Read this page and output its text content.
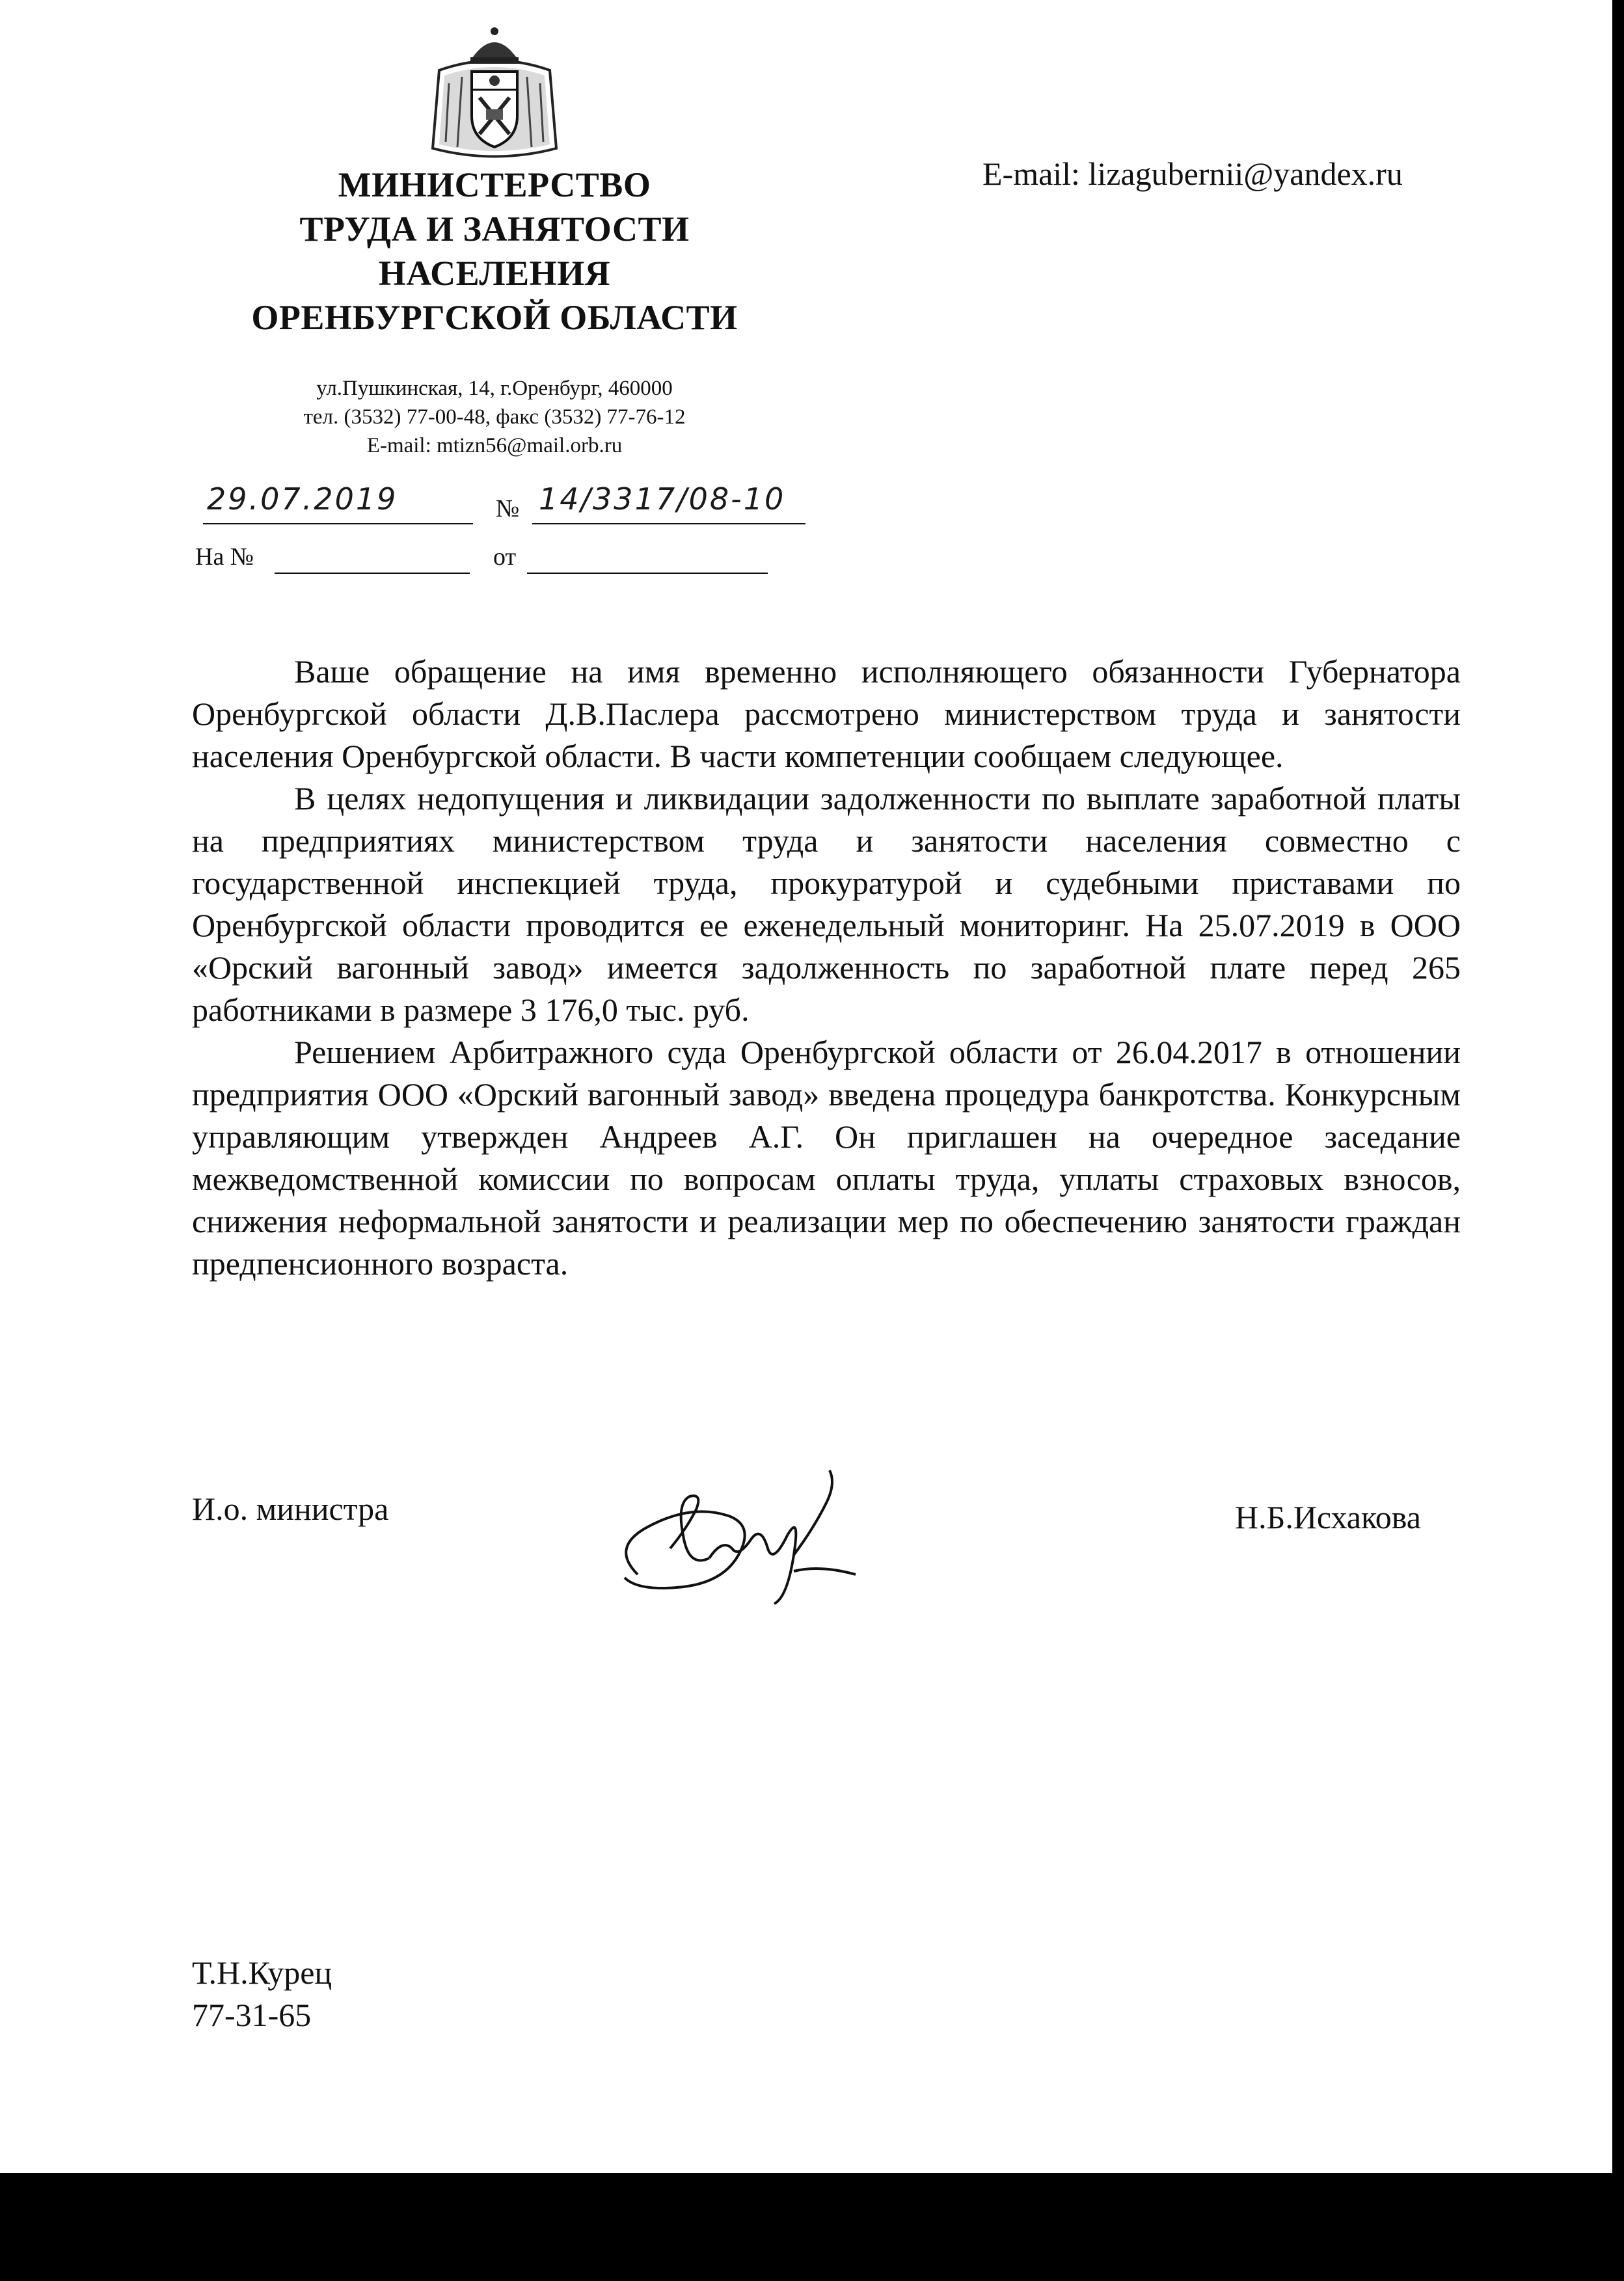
МИНИСТЕРСТВО
ТРУДА И ЗАНЯТОСТИ
НАСЕЛЕНИЯ
ОРЕНБУРГСКОЙ ОБЛАСТИ
ул.Пушкинская, 14, г.Оренбург, 460000
тел. (3532) 77-00-48, факс (3532) 77-76-12
E-mail: mtizn56@mail.orb.ru
E-mail: lizagubernii@yandex.ru
29.07.2019	№ 14/3317/08-10
На №	от

Ваше обращение на имя временно исполняющего обязанности Губернатора Оренбургской области Д.В.Паслера рассмотрено министерством труда и занятости населения Оренбургской области. В части компетенции сообщаем следующее.

В целях недопущения и ликвидации задолженности по выплате заработной платы на предприятиях министерством труда и занятости населения совместно с государственной инспекцией труда, прокуратурой и судебными приставами по Оренбургской области проводится ее еженедельный мониторинг. На 25.07.2019 в ООО «Орский вагонный завод» имеется задолженность по заработной плате перед 265 работниками в размере 3 176,0 тыс. руб.

Решением Арбитражного суда Оренбургской области от 26.04.2017 в отношении предприятия ООО «Орский вагонный завод» введена процедура банкротства. Конкурсным управляющим утвержден Андреев А.Г. Он приглашен на очередное заседание межведомственной комиссии по вопросам оплаты труда, уплаты страховых взносов, снижения неформальной занятости и реализации мер по обеспечению занятости граждан предпенсионного возраста.

И.о. министра	Н.Б.Исхакова
Т.Н.Курец
77-31-65
